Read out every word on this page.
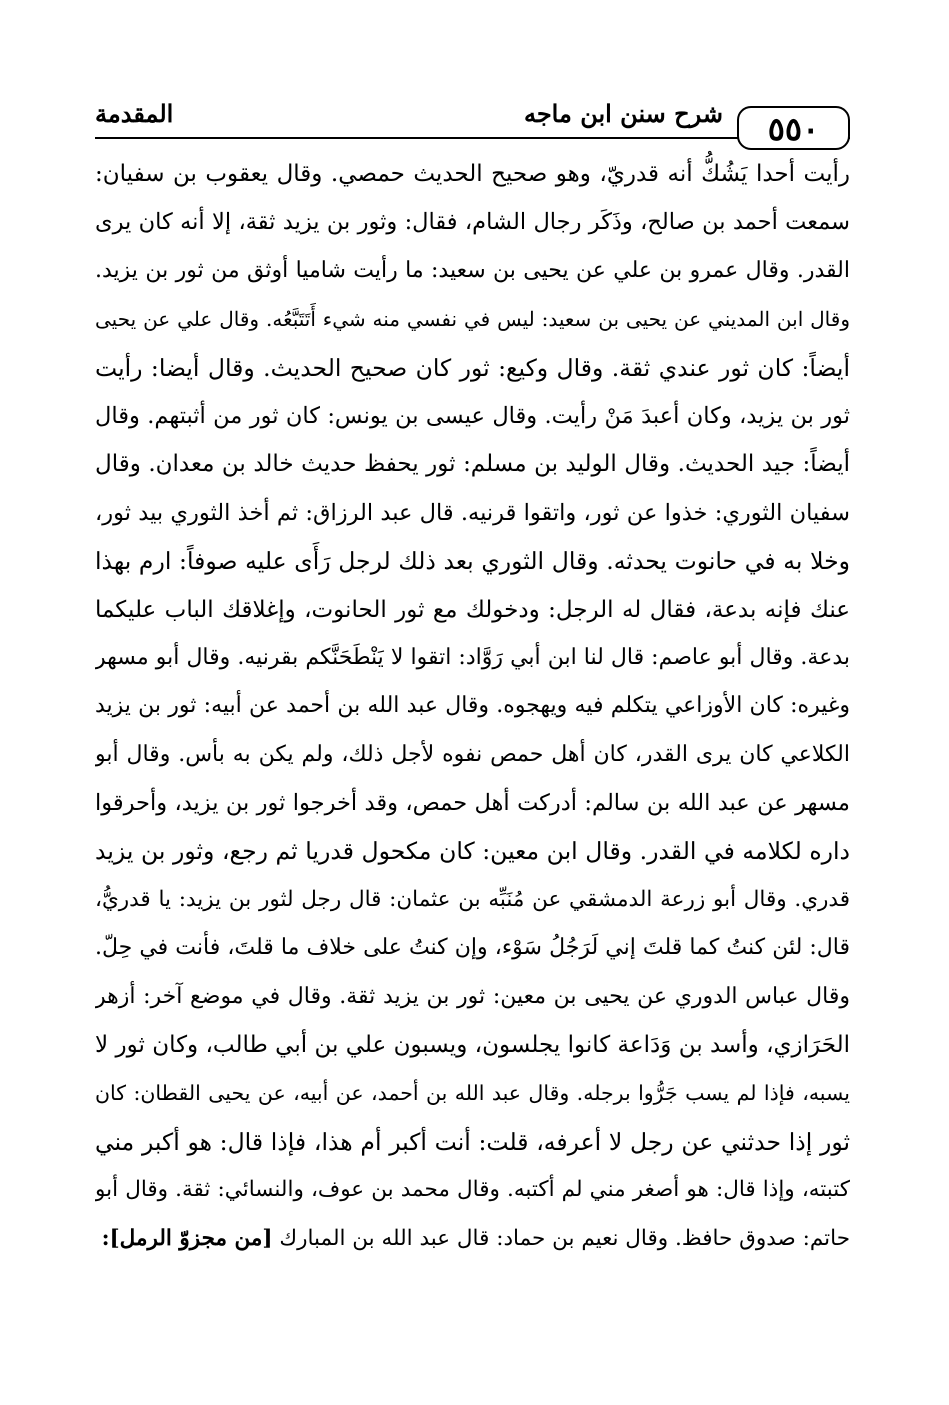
٥٥٠
شرح سنن ابن ماجه
المقدمة
رأيت أحدا يَشُكُّ أنه قدريّ، وهو صحيح الحديث حمصي. وقال يعقوب بن سفيان:
سمعت أحمد بن صالح، وذَكَر رجال الشام، فقال: وثور بن يزيد ثقة، إلا أنه كان يرى
القدر. وقال عمرو بن علي عن يحيى بن سعيد: ما رأيت شاميا أوثق من ثور بن يزيد.
وقال ابن المديني عن يحيى بن سعيد: ليس في نفسي منه شيء أَتَتَبَّعُه. وقال علي عن يحيى
أيضاً: كان ثور عندي ثقة. وقال وكيع: ثور كان صحيح الحديث. وقال أيضا: رأيت
ثور بن يزيد، وكان أعبدَ مَنْ رأيت. وقال عيسى بن يونس: كان ثور من أثبتهم. وقال
أيضاً: جيد الحديث. وقال الوليد بن مسلم: ثور يحفظ حديث خالد بن معدان. وقال
سفيان الثوري: خذوا عن ثور، واتقوا قرنيه. قال عبد الرزاق: ثم أخذ الثوري بيد ثور،
وخلا به في حانوت يحدثه. وقال الثوري بعد ذلك لرجل رَأَى عليه صوفاً: ارم بهذا
عنك فإنه بدعة، فقال له الرجل: ودخولك مع ثور الحانوت، وإغلاقك الباب عليكما
بدعة. وقال أبو عاصم: قال لنا ابن أبي رَوَّاد: اتقوا لا يَنْطَحَنَّكم بقرنيه. وقال أبو مسهر
وغيره: كان الأوزاعي يتكلم فيه ويهجوه. وقال عبد الله بن أحمد عن أبيه: ثور بن يزيد
الكلاعي كان يرى القدر، كان أهل حمص نفوه لأجل ذلك، ولم يكن به بأس. وقال أبو
مسهر عن عبد الله بن سالم: أدركت أهل حمص، وقد أخرجوا ثور بن يزيد، وأحرقوا
داره لكلامه في القدر. وقال ابن معين: كان مكحول قدريا ثم رجع، وثور بن يزيد
قدري. وقال أبو زرعة الدمشقي عن مُنَبِّه بن عثمان: قال رجل لثور بن يزيد: يا قدريُّ،
قال: لئن كنتُ كما قلتَ إني لَرَجُلُ سَوْء، وإن كنتُ على خلاف ما قلتَ، فأنت في حِلّ.
وقال عباس الدوري عن يحيى بن معين: ثور بن يزيد ثقة. وقال في موضع آخر: أزهر
الحَرَازي، وأسد بن وَدَاعة كانوا يجلسون، ويسبون علي بن أبي طالب، وكان ثور لا
يسبه، فإذا لم يسب جَرُّوا برجله. وقال عبد الله بن أحمد، عن أبيه، عن يحيى القطان: كان
ثور إذا حدثني عن رجل لا أعرفه، قلت: أنت أكبر أم هذا، فإذا قال: هو أكبر مني
كتبته، وإذا قال: هو أصغر مني لم أكتبه. وقال محمد بن عوف، والنسائي: ثقة. وقال أبو
حاتم: صدوق حافظ. وقال نعيم بن حماد: قال عبد الله بن المبارك [من مجزوّ الرمل]:
